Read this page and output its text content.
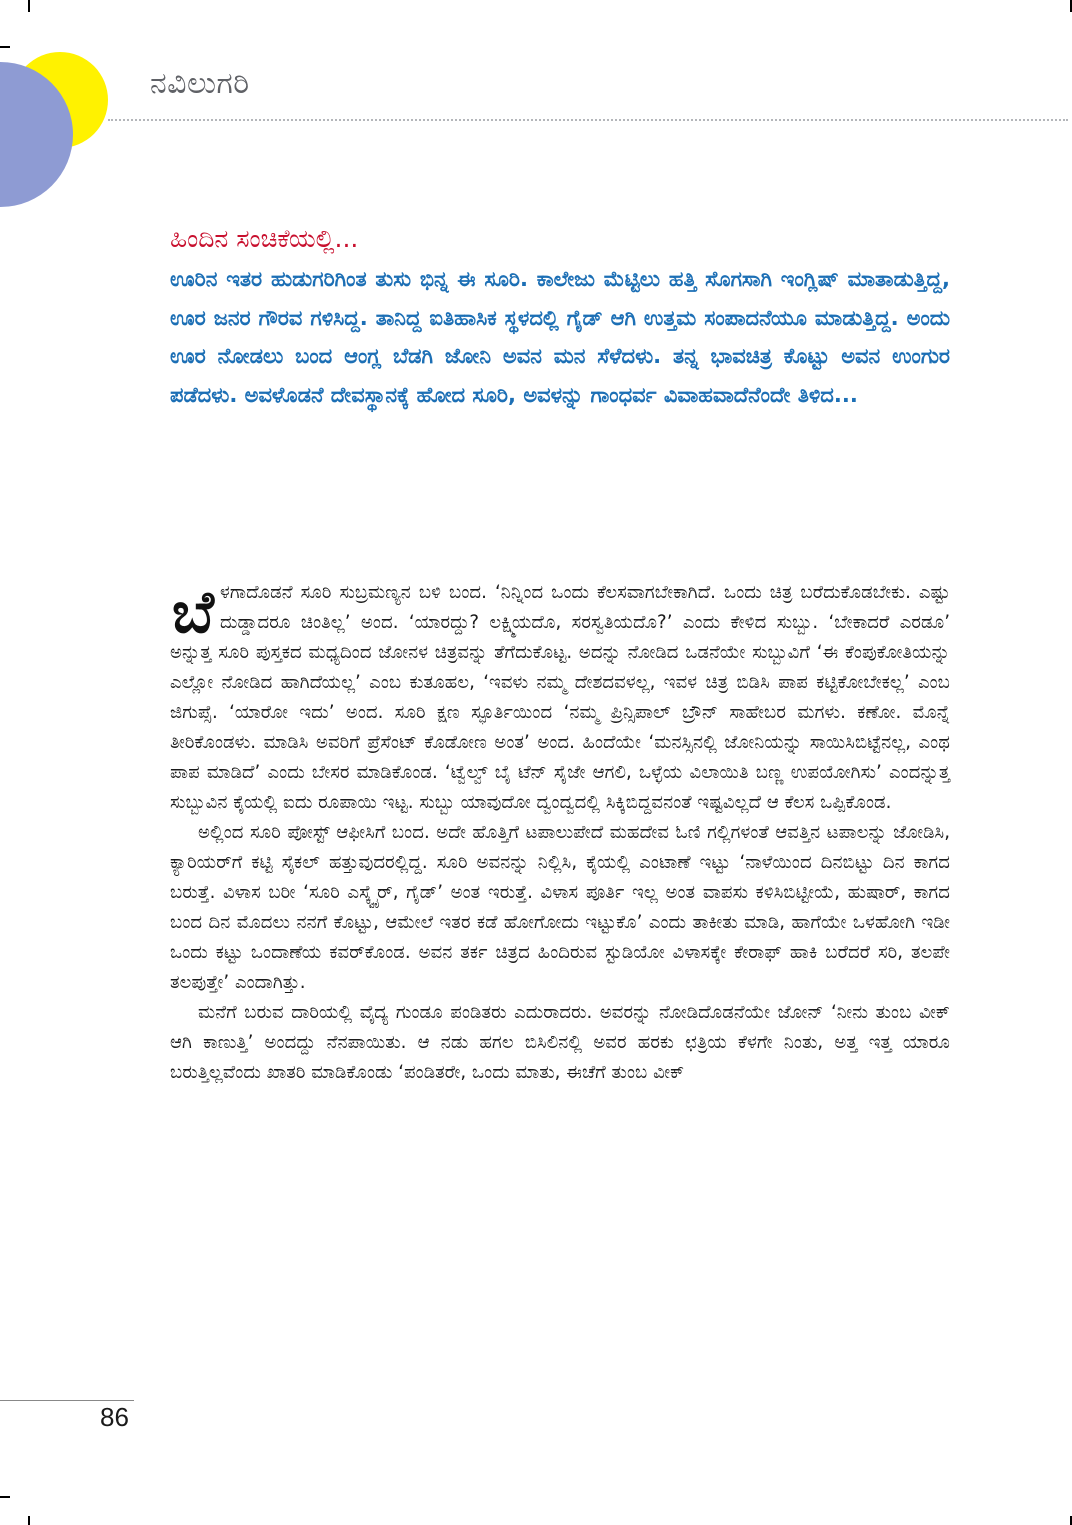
ನವಿಲುಗರಿ
ಹಿಂದಿನ ಸಂಚಿಕೆಯಲ್ಲಿ...

ಊರಿನ ಇತರ ಹುಡುಗರಿಗಿಂತ ತುಸು ಭಿನ್ನ ಈ ಸೂರಿ. ಕಾಲೇಜು ಮೆಟ್ಟಿಲು ಹತ್ತಿ ಸೊಗಸಾಗಿ ಇಂಗ್ಲಿಷ್ ಮಾತಾಡುತ್ತಿದ್ದ, ಊರ ಜನರ ಗೌರವ ಗಳಿಸಿದ್ದ. ತಾನಿದ್ದ ಐತಿಹಾಸಿಕ ಸ್ಥಳದಲ್ಲಿ ಗೈಡ್ ಆಗಿ ಉತ್ತಮ ಸಂಪಾದನೆಯೂ ಮಾಡುತ್ತಿದ್ದ. ಅಂದು ಊರ ನೋಡಲು ಬಂದ ಆಂಗ್ಲ ಬೆಡಗಿ ಜೋನಿ ಅವನ ಮನ ಸೆಳೆದಳು. ತನ್ನ ಭಾವಚಿತ್ರ ಕೊಟ್ಟು ಅವನ ಉಂಗುರ ಪಡೆದಳು. ಅವಳೊಡನೆ ದೇವಸ್ಥಾನಕ್ಕೆ ಹೋದ ಸೂರಿ, ಅವಳನ್ನು ಗಾಂಧರ್ವ ವಿವಾಹವಾದೆನೆಂದೇ ತಿಳಿದ...

ಬೆಳಗಾದೊಡನೆ ಸೂರಿ ಸುಬ್ರಮಣ್ಯನ ಬಳಿ ಬಂದ. ‘ನಿನ್ನಿಂದ ಒಂದು ಕೆಲಸವಾಗಬೇಕಾಗಿದೆ. ಒಂದು ಚಿತ್ರ ಬರೆದುಕೊಡಬೇಕು. ಎಷ್ಟು ದುಡ್ಡಾದರೂ ಚಿಂತಿಲ್ಲ’ ಅಂದ. ‘ಯಾರದ್ದು? ಲಕ್ಷ್ಮಿಯದೊ, ಸರಸ್ವತಿಯದೊ?’ ಎಂದು ಕೇಳಿದ ಸುಬ್ಬು. ‘ಬೇಕಾದರೆ ಎರಡೂ’ ಅನ್ನುತ್ತ ಸೂರಿ ಪುಸ್ತಕದ ಮಧ್ಯದಿಂದ ಜೋನಳ ಚಿತ್ರವನ್ನು ತೆಗೆದುಕೊಟ್ಟ. ಅದನ್ನು ನೋಡಿದ ಒಡನೆಯೇ ಸುಬ್ಬುವಿಗೆ ‘ಈ ಕೆಂಪುಕೋತಿಯನ್ನು ಎಲ್ಲೋ ನೋಡಿದ ಹಾಗಿದೆಯಲ್ಲ’ ಎಂಬ ಕುತೂಹಲ, ‘ಇವಳು ನಮ್ಮ ದೇಶದವಳಲ್ಲ, ಇವಳ ಚಿತ್ರ ಬಿಡಿಸಿ ಪಾಪ ಕಟ್ಟಿಕೋಬೇಕಲ್ಲ’ ಎಂಬ ಜಿಗುಪ್ಸೆ. ‘ಯಾರೋ ಇದು’ ಅಂದ. ಸೂರಿ ಕ್ಷಣ ಸ್ಫೂರ್ತಿಯಿಂದ ‘ನಮ್ಮ ಪ್ರಿನ್ಸಿಪಾಲ್ ಬ್ರೌನ್ ಸಾಹೇಬರ ಮಗಳು. ಕಣೋ. ಮೊನ್ನೆ ತೀರಿಕೊಂಡಳು. ಮಾಡಿಸಿ ಅವರಿಗೆ ಪ್ರೆಸೆಂಟ್ ಕೊಡೋಣ ಅಂತ’ ಅಂದ. ಹಿಂದೆಯೇ ‘ಮನಸ್ಸಿನಲ್ಲಿ ಜೋನಿಯನ್ನು ಸಾಯಿಸಿಬಿಟ್ಟೆನಲ್ಲ, ಎಂಥ ಪಾಪ ಮಾಡಿದೆ’ ಎಂದು ಬೇಸರ ಮಾಡಿಕೊಂಡ. ‘ಟ್ವೆಲ್ವ್ ಬೈ ಟೆನ್ ಸೈಜೇ ಆಗಲಿ, ಒಳ್ಳೆಯ ವಿಲಾಯಿತಿ ಬಣ್ಣ ಉಪಯೋಗಿಸು’ ಎಂದನ್ನುತ್ತ ಸುಬ್ಬುವಿನ ಕೈಯಲ್ಲಿ ಐದು ರೂಪಾಯಿ ಇಟ್ಟ. ಸುಬ್ಬು ಯಾವುದೋ ದ್ವಂದ್ವದಲ್ಲಿ ಸಿಕ್ಕಿಬಿದ್ದವನಂತೆ ಇಷ್ಟವಿಲ್ಲದೆ ಆ ಕೆಲಸ ಒಪ್ಪಿಕೊಂಡ.

ಅಲ್ಲಿಂದ ಸೂರಿ ಪೋಸ್ಟ್ ಆಫೀಸಿಗೆ ಬಂದ. ಅದೇ ಹೊತ್ತಿಗೆ ಟಪಾಲುಪೇದೆ ಮಹದೇವ ಓಣಿ ಗಲ್ಲಿಗಳಂತೆ ಆವತ್ತಿನ ಟಪಾಲನ್ನು ಜೋಡಿಸಿ, ಕ್ಯಾರಿಯರ್‌ಗೆ ಕಟ್ಟಿ ಸೈಕಲ್ ಹತ್ತುವುದರಲ್ಲಿದ್ದ. ಸೂರಿ ಅವನನ್ನು ನಿಲ್ಲಿಸಿ, ಕೈಯಲ್ಲಿ ಎಂಟಾಣೆ ಇಟ್ಟು ‘ನಾಳೆಯಿಂದ ದಿನಬಿಟ್ಟು ದಿನ ಕಾಗದ ಬರುತ್ತೆ. ವಿಳಾಸ ಬರೀ ‘ಸೂರಿ ಎಸ್ಕ್ವೈರ್, ಗೈಡ್’ ಅಂತ ಇರುತ್ತೆ. ವಿಳಾಸ ಪೂರ್ತಿ ಇಲ್ಲ ಅಂತ ವಾಪಸು ಕಳಿಸಿಬಿಟ್ಟೀಯೆ, ಹುಷಾರ್, ಕಾಗದ ಬಂದ ದಿನ ಮೊದಲು ನನಗೆ ಕೊಟ್ಟು, ಆಮೇಲೆ ಇತರ ಕಡೆ ಹೋಗೋದು ಇಟ್ಟುಕೊ’ ಎಂದು ತಾಕೀತು ಮಾಡಿ, ಹಾಗೆಯೇ ಒಳಹೋಗಿ ಇಡೀ ಒಂದು ಕಟ್ಟು ಒಂದಾಣೆಯ ಕವರ್‌ಕೊಂಡ. ಅವನ ತರ್ಕ ಚಿತ್ರದ ಹಿಂದಿರುವ ಸ್ಟುಡಿಯೋ ವಿಳಾಸಕ್ಕೇ ಕೇರಾಫ್ ಹಾಕಿ ಬರೆದರೆ ಸರಿ, ತಲಪೇ ತಲಪುತ್ತೇ’ ಎಂದಾಗಿತ್ತು.

ಮನೆಗೆ ಬರುವ ದಾರಿಯಲ್ಲಿ ವೈದ್ಯ ಗುಂಡೂ ಪಂಡಿತರು ಎದುರಾದರು. ಅವರನ್ನು ನೋಡಿದೊಡನೆಯೇ ಜೋನ್ ‘ನೀನು ತುಂಬ ವೀಕ್ ಆಗಿ ಕಾಣುತ್ತಿ’ ಅಂದದ್ದು ನೆನಪಾಯಿತು. ಆ ನಡು ಹಗಲ ಬಿಸಿಲಿನಲ್ಲಿ ಅವರ ಹರಕು ಛತ್ರಿಯ ಕೆಳಗೇ ನಿಂತು, ಅತ್ತ ಇತ್ತ ಯಾರೂ ಬರುತ್ತಿಲ್ಲವೆಂದು ಖಾತರಿ ಮಾಡಿಕೊಂಡು ‘ಪಂಡಿತರೇ, ಒಂದು ಮಾತು, ಈಚೆಗೆ ತುಂಬ ವೀಕ್

86
